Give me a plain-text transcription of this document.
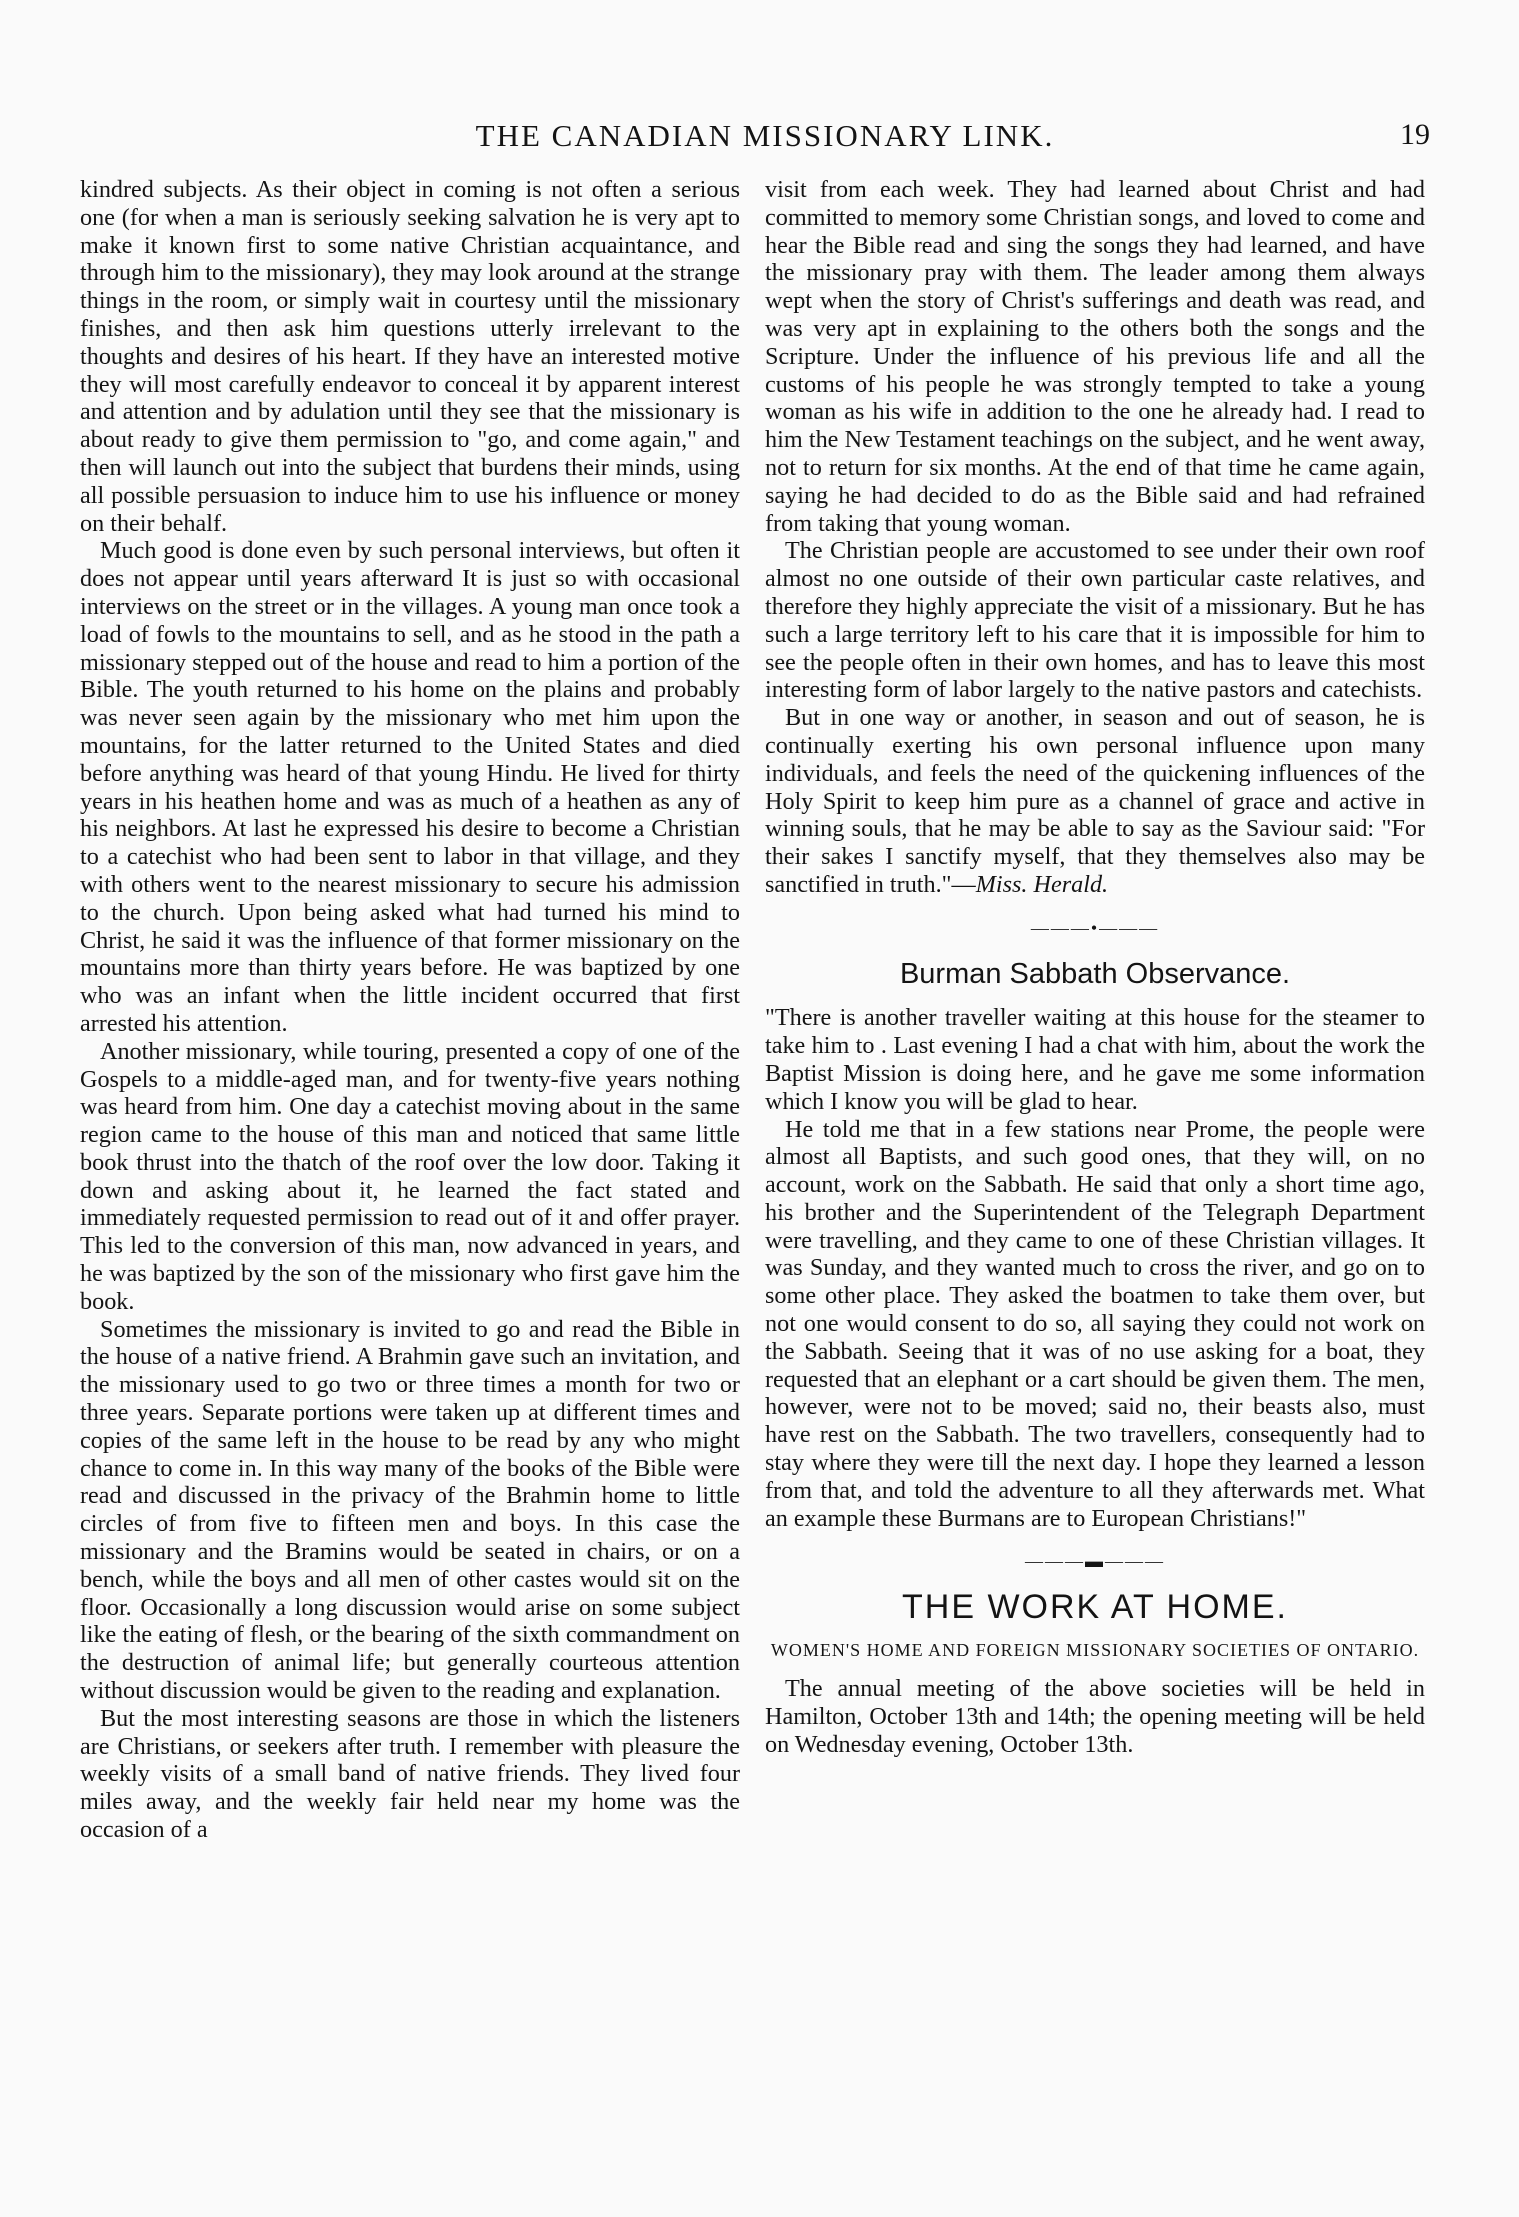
THE CANADIAN MISSIONARY LINK.	19

kindred subjects. As their object in coming is not often a serious one (for when a man is seriously seeking salvation he is very apt to make it known first to some native Christian acquaintance, and through him to the missionary), they may look around at the strange things in the room, or simply wait in courtesy until the missionary finishes, and then ask him questions utterly irrelevant to the thoughts and desires of his heart. If they have an interested motive they will most carefully endeavor to conceal it by apparent interest and attention and by adulation until they see that the missionary is about ready to give them permission to "go, and come again," and then will launch out into the subject that burdens their minds, using all possible persuasion to induce him to use his influence or money on their behalf.

Much good is done even by such personal interviews, but often it does not appear until years afterward It is just so with occasional interviews on the street or in the villages. A young man once took a load of fowls to the mountains to sell, and as he stood in the path a missionary stepped out of the house and read to him a portion of the Bible. The youth returned to his home on the plains and probably was never seen again by the missionary who met him upon the mountains, for the latter returned to the United States and died before anything was heard of that young Hindu. He lived for thirty years in his heathen home and was as much of a heathen as any of his neighbors. At last he expressed his desire to become a Christian to a catechist who had been sent to labor in that village, and they with others went to the nearest missionary to secure his admission to the church. Upon being asked what had turned his mind to Christ, he said it was the influence of that former missionary on the mountains more than thirty years before. He was baptized by one who was an infant when the little incident occurred that first arrested his attention.

Another missionary, while touring, presented a copy of one of the Gospels to a middle-aged man, and for twenty-five years nothing was heard from him. One day a catechist moving about in the same region came to the house of this man and noticed that same little book thrust into the thatch of the roof over the low door. Taking it down and asking about it, he learned the fact stated and immediately requested permission to read out of it and offer prayer. This led to the conversion of this man, now advanced in years, and he was baptized by the son of the missionary who first gave him the book.

Sometimes the missionary is invited to go and read the Bible in the house of a native friend. A Brahmin gave such an invitation, and the missionary used to go two or three times a month for two or three years. Separate portions were taken up at different times and copies of the same left in the house to be read by any who might chance to come in. In this way many of the books of the Bible were read and discussed in the privacy of the Brahmin home to little circles of from five to fifteen men and boys. In this case the missionary and the Bramins would be seated in chairs, or on a bench, while the boys and all men of other castes would sit on the floor. Occasionally a long discussion would arise on some subject like the eating of flesh, or the bearing of the sixth commandment on the destruction of animal life; but generally courteous attention without discussion would be given to the reading and explanation.

But the most interesting seasons are those in which the listeners are Christians, or seekers after truth. I remember with pleasure the weekly visits of a small band of native friends. They lived four miles away, and the weekly fair held near my home was the occasion of a

visit from each week. They had learned about Christ and had committed to memory some Christian songs, and loved to come and hear the Bible read and sing the songs they had learned, and have the missionary pray with them. The leader among them always wept when the story of Christ's sufferings and death was read, and was very apt in explaining to the others both the songs and the Scripture. Under the influence of his previous life and all the customs of his people he was strongly tempted to take a young woman as his wife in addition to the one he already had. I read to him the New Testament teachings on the subject, and he went away, not to return for six months. At the end of that time he came again, saying he had decided to do as the Bible said and had refrained from taking that young woman.

The Christian people are accustomed to see under their own roof almost no one outside of their own particular caste relatives, and therefore they highly appreciate the visit of a missionary. But he has such a large territory left to his care that it is impossible for him to see the people often in their own homes, and has to leave this most interesting form of labor largely to the native pastors and catechists.

But in one way or another, in season and out of season, he is continually exerting his own personal influence upon many individuals, and feels the need of the quickening influences of the Holy Spirit to keep him pure as a channel of grace and active in winning souls, that he may be able to say as the Saviour said: "For their sakes I sanctify myself, that they themselves also may be sanctified in truth."—Miss. Herald.

———•———
Burman Sabbath Observance.

"There is another traveller waiting at this house for the steamer to take him to . Last evening I had a chat with him, about the work the Baptist Mission is doing here, and he gave me some information which I know you will be glad to hear.

He told me that in a few stations near Prome, the people were almost all Baptists, and such good ones, that they will, on no account, work on the Sabbath. He said that only a short time ago, his brother and the Superintendent of the Telegraph Department were travelling, and they came to one of these Christian villages. It was Sunday, and they wanted much to cross the river, and go on to some other place. They asked the boatmen to take them over, but not one would consent to do so, all saying they could not work on the Sabbath. Seeing that it was of no use asking for a boat, they requested that an elephant or a cart should be given them. The men, however, were not to be moved; said no, their beasts also, must have rest on the Sabbath. The two travellers, consequently had to stay where they were till the next day. I hope they learned a lesson from that, and told the adventure to all they afterwards met. What an example these Burmans are to European Christians!"

———▬———
THE WORK AT HOME.
WOMEN'S HOME AND FOREIGN MISSIONARY SOCIETIES OF ONTARIO.

The annual meeting of the above societies will be held in Hamilton, October 13th and 14th; the opening meeting will be held on Wednesday evening, October 13th.
